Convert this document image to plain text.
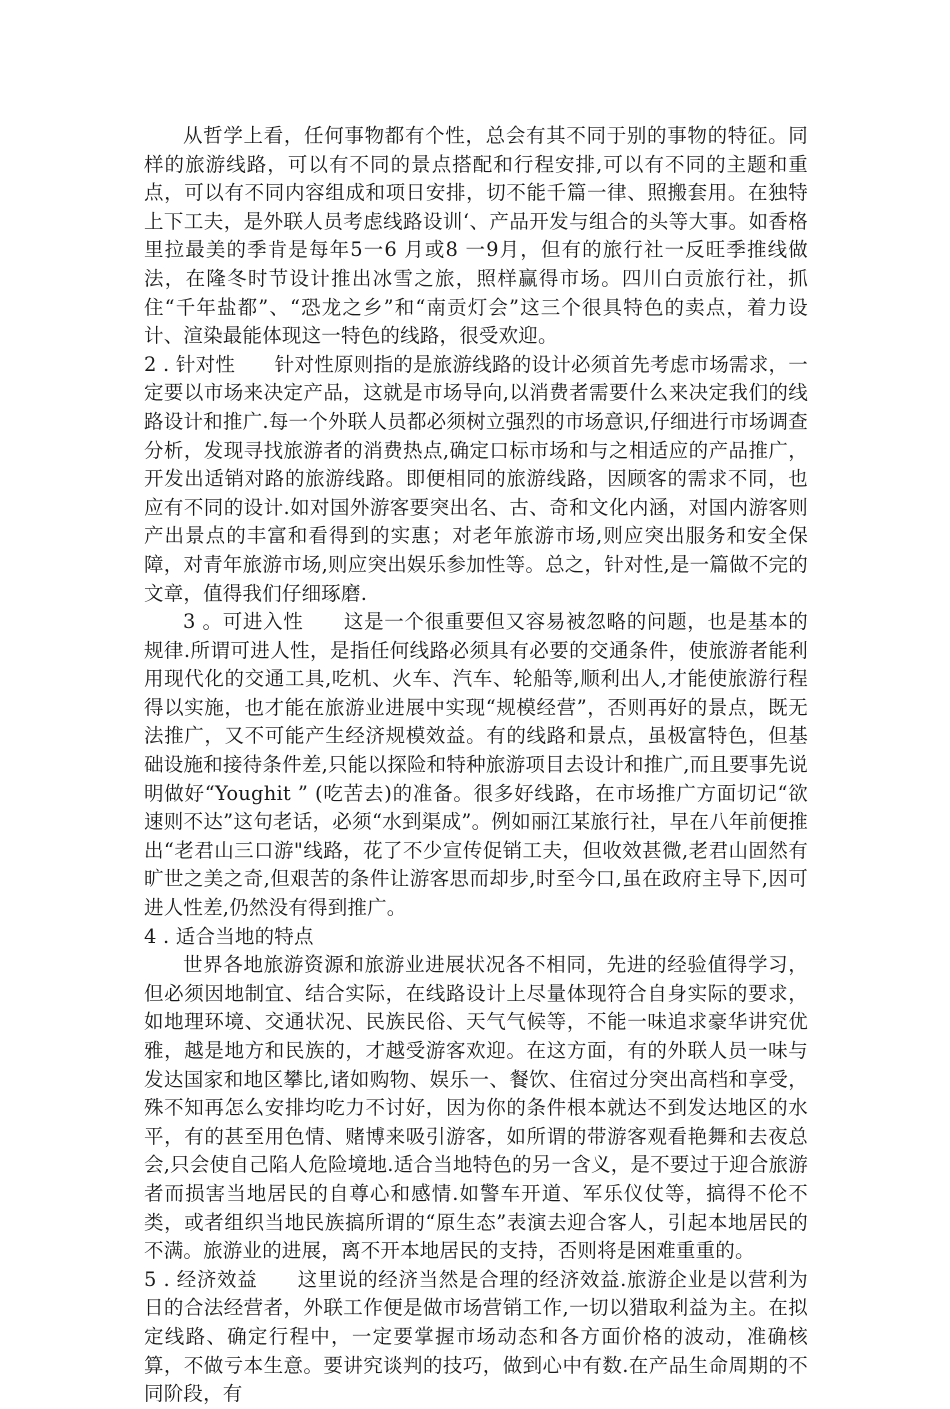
从哲学上看，任何事物都有个性，总会有其不同于别的事物的特征。同样的旅游线路，可以有不同的景点搭配和行程安排,可以有不同的主题和重点，可以有不同内容组成和项日安排，切不能千篇一律、照搬套用。在独特上下工夫，是外联人员考虑线路设训‘、产品开发与组合的头等大事。如香格里拉最美的季肯是每年5一6 月或8 一9月，但有的旅行社一反旺季推线做法，在隆冬时节设计推出冰雪之旅，照样赢得市场。四川白贡旅行社，抓住“千年盐都”、“恐龙之乡”和“南贡灯会”这三个很具特色的卖点，着力设计、渲染最能体现这一特色的线路，很受欢迎。

2 . 针对性　　针对性原则指的是旅游线路的设计必须首先考虑市场需求，一定要以市场来决定产品，这就是市场导向,以消费者需要什么来决定我们的线路设计和推广.每一个外联人员都必须树立强烈的市场意识,仔细进行市场调查分析，发现寻找旅游者的消费热点,确定口标市场和与之相适应的产品推广，开发出适销对路的旅游线路。即便相同的旅游线路，因顾客的需求不同，也应有不同的设计.如对国外游客要突出名、古、奇和文化内涵，对国内游客则产出景点的丰富和看得到的实惠；对老年旅游市场,则应突出服务和安全保障，对青年旅游市场,则应突出娱乐参加性等。总之，针对性,是一篇做不完的文章，值得我们仔细琢磨.

3 。可进入性　　这是一个很重要但又容易被忽略的问题，也是基本的规律.所谓可进人性，是指任何线路必须具有必要的交通条件，使旅游者能利用现代化的交通工具,吃机、火车、汽车、轮船等,顺利出人,才能使旅游行程得以实施，也才能在旅游业进展中实现“规模经营”，否则再好的景点，既无法推广，又不可能产生经济规模效益。有的线路和景点，虽极富特色，但基础设施和接待条件差,只能以探险和特种旅游项目去设计和推广,而且要事先说明做好“Youghit ” (吃苦去)的准备。很多好线路，在市场推广方面切记“欲速则不达”这句老话，必须“水到渠成”。例如丽江某旅行社，早在八年前便推出“老君山三口游"线路，花了不少宣传促销工夫，但收效甚微,老君山固然有旷世之美之奇,但艰苦的条件让游客思而却步,时至今口,虽在政府主导下,因可进人性差,仍然没有得到推广。

4 . 适合当地的特点

世界各地旅游资源和旅游业进展状况各不相同，先进的经验值得学习，但必须因地制宜、结合实际，在线路设计上尽量体现符合自身实际的要求，如地理环境、交通状况、民族民俗、天气气候等，不能一味追求豪华讲究优雅，越是地方和民族的，才越受游客欢迎。在这方面，有的外联人员一味与发达国家和地区攀比,诸如购物、娱乐一、餐饮、住宿过分突出高档和享受，殊不知再怎么安排均吃力不讨好，因为你的条件根本就达不到发达地区的水平，有的甚至用色情、赌博来吸引游客，如所谓的带游客观看艳舞和去夜总会,只会使自己陷人危险境地.适合当地特色的另一含义，是不要过于迎合旅游者而损害当地居民的自尊心和感情.如警车开道、军乐仪仗等，搞得不伦不类，或者组织当地民族搞所谓的“原生态”表演去迎合客人，引起本地居民的不满。旅游业的进展，离不开本地居民的支持，否则将是困难重重的。

5 . 经济效益　　这里说的经济当然是合理的经济效益.旅游企业是以营利为日的合法经营者，外联工作便是做市场营销工作,一切以猎取利益为主。在拟定线路、确定行程中，一定要掌握市场动态和各方面价格的波动，准确核算，不做亏本生意。要讲究谈判的技巧，做到心中有数.在产品生命周期的不同阶段，有
